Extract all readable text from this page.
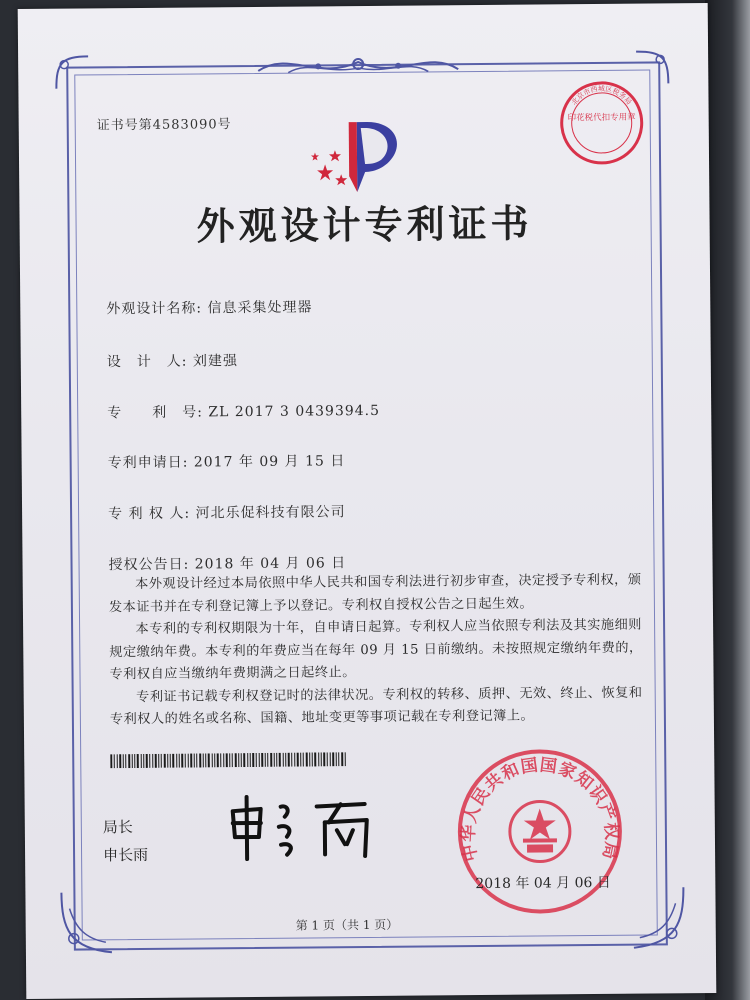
证书号第4583090号
外观设计专利证书
北京市西城区税务局
印花税代扣专用章
外观设计名称: 信息采集处理器
设　计　人: 刘建强
专　　利　号: ZL 2017 3 0439394.5
专利申请日: 2017 年 09 月 15 日
专 利 权 人: 河北乐促科技有限公司
授权公告日: 2018 年 04 月 06 日

本外观设计经过本局依照中华人民共和国专利法进行初步审查，决定授予专利权，颁发本证书并在专利登记簿上予以登记。专利权自授权公告之日起生效。

本专利的专利权期限为十年，自申请日起算。专利权人应当依照专利法及其实施细则规定缴纳年费。本专利的年费应当在每年 09 月 15 日前缴纳。未按照规定缴纳年费的，专利权自应当缴纳年费期满之日起终止。

专利证书记载专利权登记时的法律状况。专利权的转移、质押、无效、终止、恢复和专利权人的姓名或名称、国籍、地址变更等事项记载在专利登记簿上。

局长
申长雨	中华人民共和国国家知识产权局
2018 年 04 月 06 日
第 1 页（共 1 页）
